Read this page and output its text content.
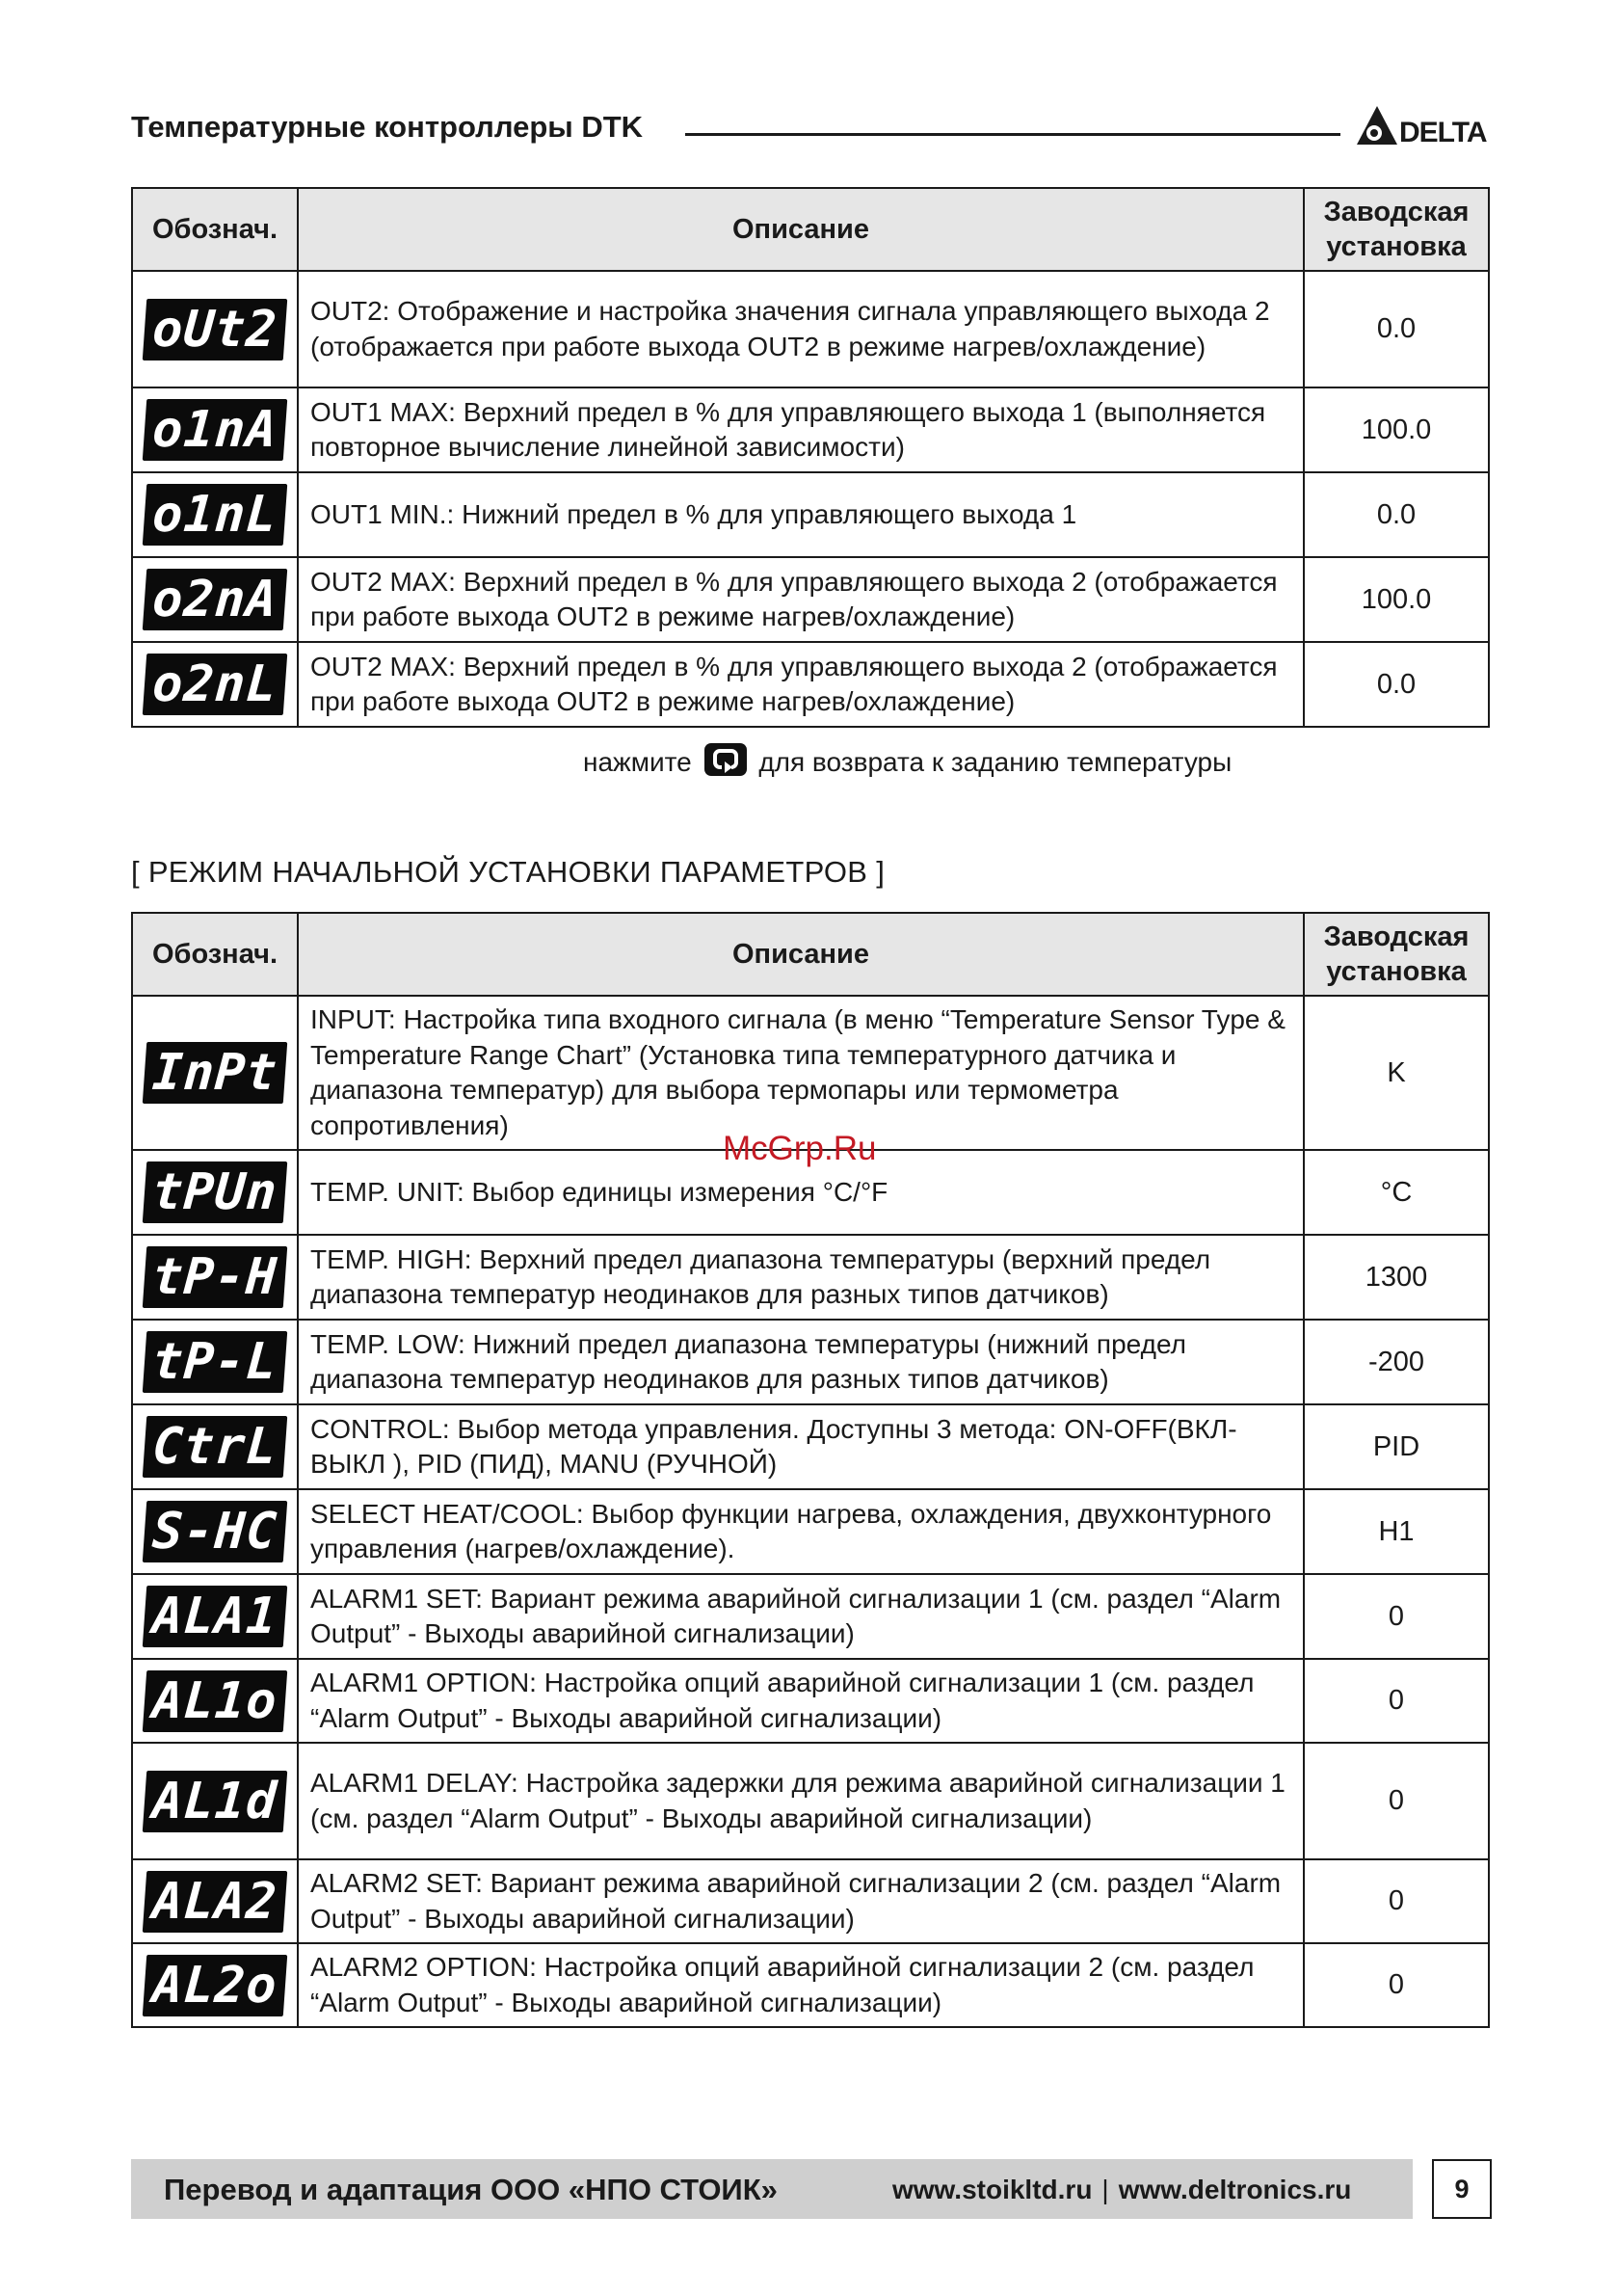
Температурные контроллеры DTK	DELTA
Обознач.	Описание	Заводская установка
oUt2	OUT2: Отображение и настройка значения сигнала управляющего выхода 2 (отображается при работе выхода OUT2 в режиме нагрев/охлаждение)	0.0
o1nA	OUT1 MAX: Верхний предел в % для управляющего выхода 1 (выполняется повторное вычисление линейной зависимости)	100.0
o1nL	OUT1 MIN.: Нижний предел в % для управляющего выхода 1	0.0
o2nA	OUT2 MAX: Верхний предел в % для управляющего выхода 2 (отображается при работе выхода OUT2 в режиме нагрев/охлаждение)	100.0
o2nL	OUT2 MAX: Верхний предел в % для управляющего выхода 2 (отображается при работе выхода OUT2 в режиме нагрев/охлаждение)	0.0
нажмите для возврата к заданию температуры
[ РЕЖИМ НАЧАЛЬНОЙ УСТАНОВКИ ПАРАМЕТРОВ ]
Обознач.	Описание	Заводская установка
InPt	INPUT: Настройка типа входного сигнала (в меню “Temperature Sensor Type & Temperature Range Chart” (Установка типа температурного датчика и диапазона температур) для выбора термопары или термометра сопротивления)	K
tPUn	TEMP. UNIT: Выбор единицы измерения °C/°F	°C
tP-H	TEMP. HIGH: Верхний предел диапазона температуры (верхний предел диапазона температур неодинаков для разных типов датчиков)	1300
tP-L	TEMP. LOW: Нижний предел диапазона температуры (нижний предел диапазона температур неодинаков для разных типов датчиков)	-200
CtrL	CONTROL: Выбор метода управления. Доступны 3 метода: ON-OFF(ВКЛ-ВЫКЛ ), PID (ПИД), MANU (РУЧНОЙ)	PID
S-HC	SELECT HEAT/COOL: Выбор функции нагрева, охлаждения, двухконтурного управления (нагрев/охлаждение).	H1
ALA1	ALARM1 SET: Вариант режима аварийной сигнализации 1 (см. раздел “Alarm Output” - Выходы аварийной сигнализации)	0
AL1o	ALARM1 OPTION: Настройка опций аварийной сигнализации 1 (см. раздел “Alarm Output” - Выходы аварийной сигнализации)	0
AL1d	ALARM1 DELAY: Настройка задержки для режима аварийной сигнализации 1 (см. раздел “Alarm Output” - Выходы аварийной сигнализации)	0
ALA2	ALARM2 SET: Вариант режима аварийной сигнализации 2 (см. раздел “Alarm Output” - Выходы аварийной сигнализации)	0
AL2o	ALARM2 OPTION: Настройка опций аварийной сигнализации 2 (см. раздел “Alarm Output” - Выходы аварийной сигнализации)	0
McGrp.Ru
Перевод и адаптация ООО «НПО СТОИК»	www.stoikltd.ru | www.deltronics.ru	9
